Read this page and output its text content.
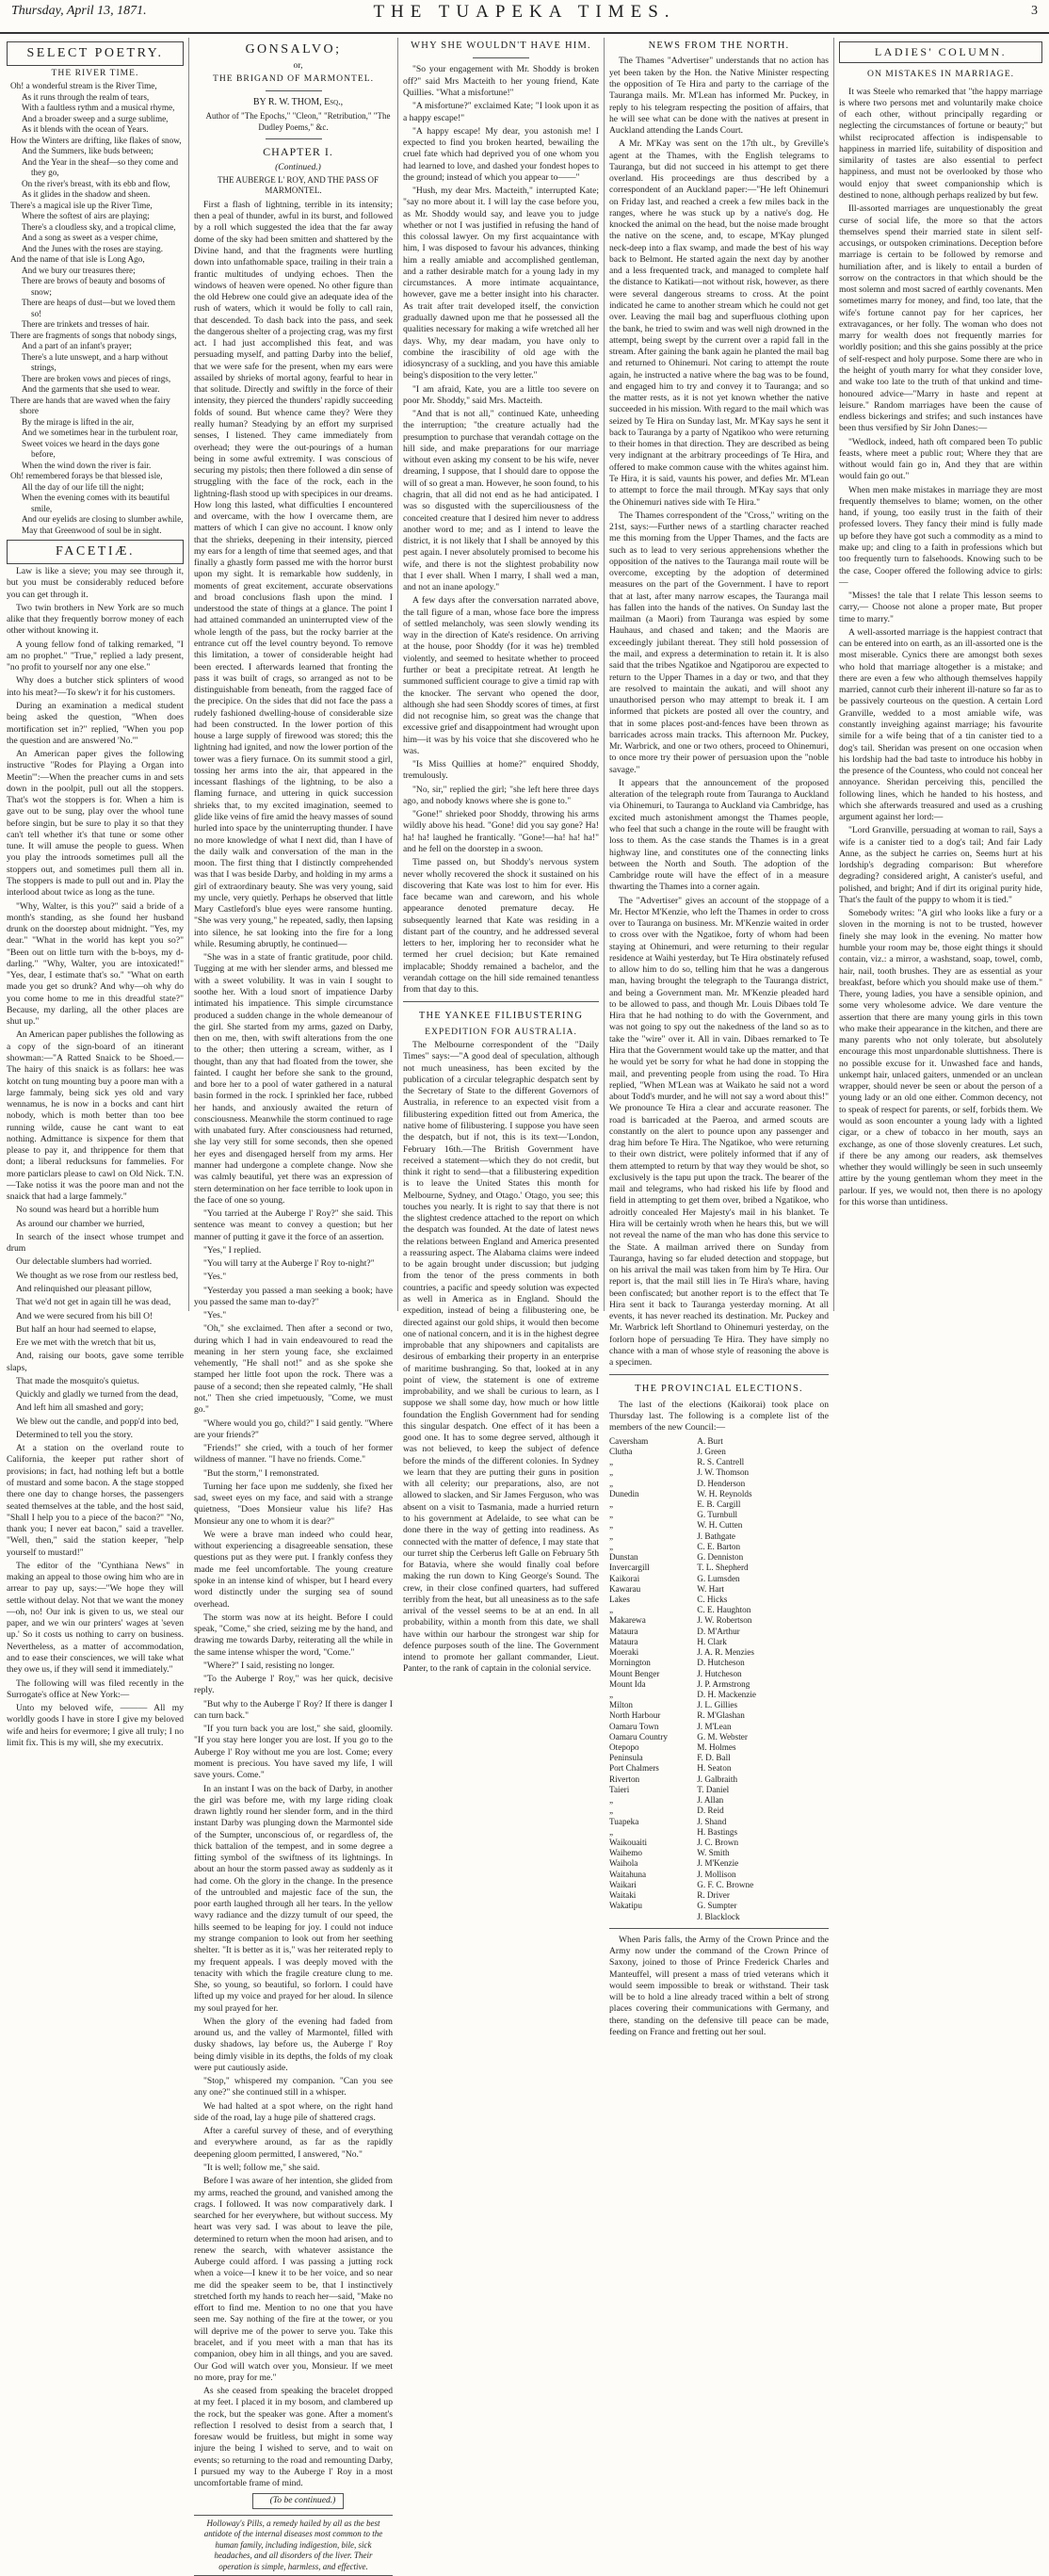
Thursday, April 13, 1871.	THE TUAPEKA TIMES.	3
SELECT POETRY.
THE RIVER TIME.
Oh! a wonderful stream is the River Time,
As it runs through the realm of tears,
With a faultless rythm and a musical rhyme,
And a broader sweep and a surge sublime,
As it blends with the ocean of Years.
How the Winters are drifting, like flakes of snow,
And the Summers, like buds between;
And the Year in the sheaf—so they come and they go,
On the river's breast, with its ebb and flow,
As it glides in the shadow and sheen.
There's a magical isle up the River Time,
Where the softest of airs are playing;
There's a cloudless sky, and a tropical clime,
And a song as sweet as a vesper chime,
And the Junes with the roses are staying.
And the name of that isle is Long Ago,
And we bury our treasures there;
There are brows of beauty and bosoms of snow;
There are heaps of dust—but we loved them so!
There are trinkets and tresses of hair.
There are fragments of songs that nobody sings,
And a part of an infant's prayer;
There's a lute unswept, and a harp without strings,
There are broken vows and pieces of rings,
And the garments that she used to wear.
There are hands that are waved when the fairy shore
By the mirage is lifted in the air,
And we sometimes hear in the turbulent roar,
Sweet voices we heard in the days gone before,
When the wind down the river is fair.
Oh! remembered forays be that blessed isle,
All the day of our life till the night;
When the evening comes with its beautiful smile,
And our eyelids are closing to slumber awhile,
May that Greenwood of soul be in sight.
FACETIÆ.

Law is like a sieve; you may see through it, but you must be considerably reduced before you can get through it.

Two twin brothers in New York are so much alike that they frequently borrow money of each other without knowing it.

A young fellow fond of talking remarked, "I am no prophet." "True," replied a lady present, "no profit to yourself nor any one else."

Why does a butcher stick splinters of wood into his meat?—To skew'r it for his customers.

During an examination a medical student being asked the question, "When does mortification set in?" replied, "When you pop the question and are answered 'No.'"

An American paper gives the following instructive "Rodes for Playing a Organ into Meetin'":—When the preacher cums in and sets down in the poolpit, pull out all the stoppers. That's wot the stoppers is for. When a him is gave out to be sung, play over the whool tune before singin, but be sure to play it so that they can't tell whether it's that tune or some other tune. It will amuse the people to guess. When you play the introods sometimes pull all the stoppers out, and sometimes pull them all in. The stoppers is made to pull out and in. Play the interlood about twice as long as the tune.

"Why, Walter, is this you?" said a bride of a month's standing, as she found her husband drunk on the doorstep about midnight. "Yes, my dear." "What in the world has kept you so?" "Been out on little turn with the b-boys, my d-darling." "Why, Walter, you are intoxicated!" "Yes, dear, I estimate that's so." "What on earth made you get so drunk? And why—oh why do you come home to me in this dreadful state?" Because, my darling, all the other places are shut up."

An American paper publishes the following as a copy of the sign-board of an itinerant showman:—"A Ratted Snaick to be Shoed.—The hairy of this snaick is as follars: hee was kotcht on tung mounting buy a poore man with a large fammaly, being sick yes old and vary wennamus, he is now in a bocks and cant hirt nobody, which is moth better than too bee running wilde, cause he cant want to eat nothing. Admittance is sixpence for them that please to pay it, and thrippence for them that dont; a liberal reducksuns for fammelies. For more particlars please to cawl on Old Nick. T.N.—Take notiss it was the poore man and not the snaick that had a large fammely."

No sound was heard but a horrible hum

As around our chamber we hurried,

In search of the insect whose trumpet and drum

Our delectable slumbers had worried.

We thought as we rose from our restless bed,

And relinquished our pleasant pillow,

That we'd not get in again till he was dead,

And we were secured from his bill O!

But half an hour had seemed to elapse,

Ere we met with the wretch that bit us,

And, raising our boots, gave some terrible slaps,

That made the mosquito's quietus.

Quickly and gladly we turned from the dead,

And left him all smashed and gory;

We blew out the candle, and popp'd into bed,

Determined to tell you the story.

At a station on the overland route to California, the keeper put rather short of provisions; in fact, had nothing left but a bottle of mustard and some bacon. A the stage stopped there one day to change horses, the passengers seated themselves at the table, and the host said, "Shall I help you to a piece of the bacon?" "No, thank you; I never eat bacon," said a traveller. "Well, then," said the station keeper, "help yourself to mustard!"

The editor of the "Cynthiana News" in making an appeal to those owing him who are in arrear to pay up, says:—"We hope they will settle without delay. Not that we want the money—oh, no! Our ink is given to us, we steal our paper, and we win our printers' wages at 'seven up.' So it costs us nothing to carry on business. Nevertheless, as a matter of accommodation, and to ease their consciences, we will take what they owe us, if they will send it immediately."

The following will was filed recently in the Surrogate's office at New York:—

Unto my beloved wife, ——— All my worldly goods I have in store I give my beloved wife and heirs for evermore; I give all truly; I no limit fix. This is my will, she my executrix.

GONSALVO;

or,

THE BRIGAND OF MARMONTEL.

BY R. W. THOM, Esq.,

Author of "The Epochs," "Cleon," "Retribution," "The Dudley Poems," &c.

CHAPTER I.

(Continued.)

THE AUBERGE L' ROY, AND THE PASS OF MARMONTEL.

First a flash of lightning, terrible in its intensity; then a peal of thunder, awful in its burst, and followed by a roll which suggested the idea that the far away dome of the sky had been smitten and shattered by the Divine hand, and that the fragments were hurtling down into unfathomable space, trailing in their train a frantic multitudes of undying echoes. Then the windows of heaven were opened. No other figure than the old Hebrew one could give an adequate idea of the rush of waters, which it would be folly to call rain, that descended. To dash back into the pass, and seek the dangerous shelter of a projecting crag, was my first act. I had just accomplished this feat, and was persuading myself, and patting Darby into the belief, that we were safe for the present, when my ears were assailed by shrieks of mortal agony, fearful to hear in that solitude. Directly and swiftly in the force of their intensity, they pierced the thunders' rapidly succeeding folds of sound. But whence came they? Were they really human? Steadying by an effort my surprised senses, I listened. They came immediately from overhead; they were the out-pourings of a human being in some awful extremity. I was conscious of securing my pistols; then there followed a din sense of struggling with the face of the rock, each in the lightning-flash stood up with specipices in our dreams. How long this lasted, what difficulties I encountered and overcame, with the how I overcame them, are matters of which I can give no account. I know only that the shrieks, deepening in their intensity, pierced my ears for a length of time that seemed ages, and that finally a ghastly form passed me with the horror burst upon my sight. It is remarkable how suddenly, in moments of great excitement, accurate observations and broad conclusions flash upon the mind. I understood the state of things at a glance. The point I had attained commanded an uninterrupted view of the whole length of the pass, but the rocky barrier at the entrance cut off the level country beyond. To remove this limitation, a tower of considerable height had been erected. I afterwards learned that fronting the pass it was built of crags, so arranged as not to be distinguishable from beneath, from the ragged face of the precipice. On the sides that did not face the pass a rudely fashioned dwelling-house of considerable size had been constructed. In the lower portion of this house a large supply of firewood was stored; this the lightning had ignited, and now the lower portion of the tower was a fiery furnace. On its summit stood a girl, tossing her arms into the air, that appeared in the incessant flashings of the lightning, to be also a flaming furnace, and uttering in quick succession shrieks that, to my excited imagination, seemed to glide like veins of fire amid the heavy masses of sound hurled into space by the uninterrupting thunder. I have no more knowledge of what I next did, than I have of the daily walk and conversation of the man in the moon. The first thing that I distinctly comprehended was that I was beside Darby, and holding in my arms a girl of extraordinary beauty. She was very young, said my uncle, very quietly. Perhaps he observed that little Mary Castleford's blue eyes were ransome hunting. "She was very young," he repeated, sadly, then lapsing into silence, he sat looking into the fire for a long while. Resuming abruptly, he continued—

"She was in a state of frantic gratitude, poor child. Tugging at me with her slender arms, and blessed me with a sweet volubility. It was in vain I sought to soothe her. With a loud snort of impatience Darby intimated his impatience. This simple circumstance produced a sudden change in the whole demeanour of the girl. She started from my arms, gazed on Darby, then on me, then, with swift alterations from the one to the other; then uttering a scream, wither, as I thought, than any that had floated from the tower, she fainted. I caught her before she sank to the ground, and bore her to a pool of water gathered in a natural basin formed in the rock. I sprinkled her face, rubbed her hands, and anxiously awaited the return of consciousness. Meanwhile the storm continued to rage with unabated fury. After consciousness had returned, she lay very still for some seconds, then she opened her eyes and disengaged herself from my arms. Her manner had undergone a complete change. Now she was calmly beautiful, yet there was an expression of stern determination on her face terrible to look upon in the face of one so young.

"You tarried at the Auberge l' Roy?" she said. This sentence was meant to convey a question; but her manner of putting it gave it the force of an assertion.

"Yes," I replied.

"You will tarry at the Auberge l' Roy to-night?"

"Yes."

"Yesterday you passed a man seeking a book; have you passed the same man to-day?"

"Yes."

"Oh," she exclaimed. Then after a second or two, during which I had in vain endeavoured to read the meaning in her stern young face, she exclaimed vehemently, "He shall not!" and as she spoke she stamped her little foot upon the rock. There was a pause of a second; then she repeated calmly, "He shall not." Then she cried impetuously, "Come, we must go."

"Where would you go, child?" I said gently. "Where are your friends?"

"Friends!" she cried, with a touch of her former wildness of manner. "I have no friends. Come."

"But the storm," I remonstrated.

Turning her face upon me suddenly, she fixed her sad, sweet eyes on my face, and said with a strange quietness, "Does Monsieur value his life? Has Monsieur any one to whom it is dear?"

We were a brave man indeed who could hear, without experiencing a disagreeable sensation, these questions put as they were put. I frankly confess they made me feel uncomfortable. The young creature spoke in an intense kind of whisper, but I heard every word distinctly under the surging sea of sound overhead.

The storm was now at its height. Before I could speak, "Come," she cried, seizing me by the hand, and drawing me towards Darby, reiterating all the while in the same intense whisper the word, "Come."

"Where?" I said, resisting no longer.

"To the Auberge l' Roy," was her quick, decisive reply.

"But why to the Auberge l' Roy? If there is danger I can turn back."

"If you turn back you are lost," she said, gloomily. "If you stay here longer you are lost. If you go to the Auberge l' Roy without me you are lost. Come; every moment is precious. You have saved my life, I will save yours. Come."

In an instant I was on the back of Darby, in another the girl was before me, with my large riding cloak drawn lightly round her slender form, and in the third instant Darby was plunging down the Marmontel side of the Sumpter, unconscious of, or regardless of, the thick battalion of the tempest, and in some degree a fitting symbol of the swiftness of its lightnings. In about an hour the storm passed away as suddenly as it had come. Oh the glory in the change. In the presence of the untroubled and majestic face of the sun, the poor earth laughed through all her tears. In the yellow wavy radiance and the dizzy tumult of our speed, the hills seemed to be leaping for joy. I could not induce my strange companion to look out from her seething shelter. "It is better as it is," was her reiterated reply to my frequent appeals. I was deeply moved with the tenacity with which the fragile creature clung to me. She, so young, so beautiful, so forlorn. I could have lifted up my voice and prayed for her aloud. In silence my soul prayed for her.

When the glory of the evening had faded from around us, and the valley of Marmontel, filled with dusky shadows, lay before us, the Auberge l' Roy being dimly visible in its depths, the folds of my cloak were put cautiously aside.

"Stop," whispered my companion. "Can you see any one?" she continued still in a whisper.

We had halted at a spot where, on the right hand side of the road, lay a huge pile of shattered crags.

After a careful survey of these, and of everything and everywhere around, as far as the rapidly deepening gloom permitted, I answered, "No."

"It is well; follow me," she said.

Before I was aware of her intention, she glided from my arms, reached the ground, and vanished among the crags. I followed. It was now comparatively dark. I searched for her everywhere, but without success. My heart was very sad. I was about to leave the pile, determined to return when the moon had arisen, and to renew the search, with whatever assistance the Auberge could afford. I was passing a jutting rock when a voice—I knew it to be her voice, and so near me did the speaker seem to be, that I instinctively stretched forth my hands to reach her—said, "Make no effort to find me. Mention to no one that you have seen me. Say nothing of the fire at the tower, or you will deprive me of the power to serve you. Take this bracelet, and if you meet with a man that has its companion, obey him in all things, and you are saved. Our God will watch over you, Monsieur. If we meet no more, pray for me."

As she ceased from speaking the bracelet dropped at my feet. I placed it in my bosom, and clambered up the rock, but the speaker was gone. After a moment's reflection I resolved to desist from a search that, I foresaw would be fruitless, but might in some way injure the being I wished to serve, and to wait on events; so returning to the road and remounting Darby, I pursued my way to the Auberge l' Roy in a most uncomfortable frame of mind.

(To be continued.)

Holloway's Pills, a remedy hailed by all as the best antidote of the internal diseases most common to the human family, including indigestion, bile, sick headaches, and all disorders of the liver. Their operation is simple, harmless, and effective.
WHY SHE WOULDN'T HAVE HIM.

"So your engagement with Mr. Shoddy is broken off?" said Mrs Macteith to her young friend, Kate Quillies. "What a misfortune!"

"A misfortune?" exclaimed Kate; "I look upon it as a happy escape!"

"A happy escape! My dear, you astonish me! I expected to find you broken hearted, bewailing the cruel fate which had deprived you of one whom you had learned to love, and dashed your fondest hopes to the ground; instead of which you appear to——"

"Hush, my dear Mrs. Macteith," interrupted Kate; "say no more about it. I will lay the case before you, as Mr. Shoddy would say, and leave you to judge whether or not I was justified in refusing the hand of this colossal lawyer. On my first acquaintance with him, I was disposed to favour his advances, thinking him a really amiable and accomplished gentleman, and a rather desirable match for a young lady in my circumstances. A more intimate acquaintance, however, gave me a better insight into his character. As trait after trait developed itself, the conviction gradually dawned upon me that he possessed all the qualities necessary for making a wife wretched all her days. Why, my dear madam, you have only to combine the irascibility of old age with the idiosyncrasy of a suckling, and you have this amiable being's disposition to the very letter."

"I am afraid, Kate, you are a little too severe on poor Mr. Shoddy," said Mrs. Macteith.

"And that is not all," continued Kate, unheeding the interruption; "the creature actually had the presumption to purchase that verandah cottage on the hill side, and make preparations for our marriage without even asking my consent to be his wife, never dreaming, I suppose, that I should dare to oppose the will of so great a man. However, he soon found, to his chagrin, that all did not end as he had anticipated. I was so disgusted with the superciliousness of the conceited creature that I desired him never to address another word to me; and as I intend to leave the district, it is not likely that I shall be annoyed by this pest again. I never absolutely promised to become his wife, and there is not the slightest probability now that I ever shall. When I marry, I shall wed a man, and not an inane apology."

A few days after the conversation narrated above, the tall figure of a man, whose face bore the impress of settled melancholy, was seen slowly wending its way in the direction of Kate's residence. On arriving at the house, poor Shoddy (for it was he) trembled violently, and seemed to hesitate whether to proceed further or beat a precipitate retreat. At length he summoned sufficient courage to give a timid rap with the knocker. The servant who opened the door, although she had seen Shoddy scores of times, at first did not recognise him, so great was the change that excessive grief and disappointment had wrought upon him—it was by his voice that she discovered who he was.

"Is Miss Quillies at home?" enquired Shoddy, tremulously.

"No, sir," replied the girl; "she left here three days ago, and nobody knows where she is gone to."

"Gone!" shrieked poor Shoddy, throwing his arms wildly above his head. "Gone! did you say gone? Ha! ha! ha! laughed he frantically. "Gone!—ha! ha! ha!" and he fell on the doorstep in a swoon.

Time passed on, but Shoddy's nervous system never wholly recovered the shock it sustained on his discovering that Kate was lost to him for ever. His face became wan and careworn, and his whole appearance denoted premature decay. He subsequently learned that Kate was residing in a distant part of the country, and he addressed several letters to her, imploring her to reconsider what he termed her cruel decision; but Kate remained implacable; Shoddy remained a bachelor, and the verandah cottage on the hill side remained tenantless from that day to this.

THE YANKEE FILIBUSTERING
EXPEDITION FOR AUSTRALIA.

The Melbourne correspondent of the "Daily Times" says:—"A good deal of speculation, although not much uneasiness, has been excited by the publication of a circular telegraphic despatch sent by the Secretary of State to the different Governors of Australia, in reference to an expected visit from a filibustering expedition fitted out from America, the native home of filibustering. I suppose you have seen the despatch, but if not, this is its text—'London, February 16th.—The British Government have received a statement—which they do not credit, but think it right to send—that a filibustering expedition is to leave the United States this month for Melbourne, Sydney, and Otago.' Otago, you see; this touches you nearly. It is right to say that there is not the slightest credence attached to the report on which the despatch was founded. At the date of latest news the relations between England and America presented a reassuring aspect. The Alabama claims were indeed to be again brought under discussion; but judging from the tenor of the press comments in both countries, a pacific and speedy solution was expected as well in America as in England. Should the expedition, instead of being a filibustering one, be directed against our gold ships, it would then become one of national concern, and it is in the highest degree improbable that any shipowners and capitalists are desirous of embarking their property in an enterprise of maritime bushranging. So that, looked at in any point of view, the statement is one of extreme improbability, and we shall be curious to learn, as I suppose we shall some day, how much or how little foundation the English Government had for sending this singular despatch. One effect of it has been a good one. It has to some degree served, although it was not believed, to keep the subject of defence before the minds of the different colonies. In Sydney we learn that they are putting their guns in position with all celerity; our preparations, also, are not allowed to slacken, and Sir James Ferguson, who was absent on a visit to Tasmania, made a hurried return to his government at Adelaide, to see what can be done there in the way of getting into readiness. As connected with the matter of defence, I may state that our turret ship the Cerberus left Galle on February 5th for Batavia, where she would finally coal before making the run down to King George's Sound. The crew, in their close confined quarters, had suffered terribly from the heat, but all uneasiness as to the safe arrival of the vessel seems to be at an end. In all probability, within a month from this date, we shall have within our harbour the strongest war ship for defence purposes south of the line. The Government intend to promote her gallant commander, Lieut. Panter, to the rank of captain in the colonial service.

NEWS FROM THE NORTH.

The Thames "Advertiser" understands that no action has yet been taken by the Hon. the Native Minister respecting the opposition of Te Hira and party to the carriage of the Tauranga mails. Mr. M'Lean has informed Mr. Puckey, in reply to his telegram respecting the position of affairs, that he will see what can be done with the natives at present in Auckland attending the Lands Court.

A Mr. M'Kay was sent on the 17th ult., by Greville's agent at the Thames, with the English telegrams to Tauranga, but did not succeed in his attempt to get there overland. His proceedings are thus described by a correspondent of an Auckland paper:—"He left Ohinemuri on Friday last, and reached a creek a few miles back in the ranges, where he was stuck up by a native's dog. He knocked the animal on the head, but the noise made brought the native on the scene, and, to escape, M'Kay plunged neck-deep into a flax swamp, and made the best of his way back to Belmont. He started again the next day by another and a less frequented track, and managed to complete half the distance to Katikati—not without risk, however, as there were several dangerous streams to cross. At the point indicated he came to another stream which he could not get over. Leaving the mail bag and superfluous clothing upon the bank, he tried to swim and was well nigh drowned in the attempt, being swept by the current over a rapid fall in the stream. After gaining the bank again he planted the mail bag and returned to Ohinemuri. Not caring to attempt the route again, he instructed a native where the bag was to be found, and engaged him to try and convey it to Tauranga; and so the matter rests, as it is not yet known whether the native succeeded in his mission. With regard to the mail which was seized by Te Hira on Sunday last, Mr. M'Kay says he sent it back to Tauranga by a party of Ngatikoo who were returning to their homes in that direction. They are described as being very indignant at the arbitrary proceedings of Te Hira, and offered to make common cause with the whites against him. Te Hira, it is said, vaunts his power, and defies Mr. M'Lean to attempt to force the mail through. M'Kay says that only the Ohinemuri natives side with Te Hira."

The Thames correspondent of the "Cross," writing on the 21st, says:—Further news of a startling character reached me this morning from the Upper Thames, and the facts are such as to lead to very serious apprehensions whether the opposition of the natives to the Tauranga mail route will be overcome, excepting by the adoption of determined measures on the part of the Government. I have to report that at last, after many narrow escapes, the Tauranga mail has fallen into the hands of the natives. On Sunday last the mailman (a Maori) from Tauranga was espied by some Hauhaus, and chased and taken; and the Maoris are exceedingly jubilant thereat. They still hold possession of the mail, and express a determination to retain it. It is also said that the tribes Ngatikoe and Ngatiporou are expected to return to the Upper Thames in a day or two, and that they are resolved to maintain the aukati, and will shoot any unauthorised person who may attempt to break it. I am informed that pickets are posted all over the country, and that in some places post-and-fences have been thrown as barricades across main tracks. This afternoon Mr. Puckey, Mr. Warbrick, and one or two others, proceed to Ohinemuri, to once more try their power of persuasion upon the "noble savage."

It appears that the announcement of the proposed alteration of the telegraph route from Tauranga to Auckland via Ohinemuri, to Tauranga to Auckland via Cambridge, has excited much astonishment amongst the Thames people, who feel that such a change in the route will be fraught with loss to them. As the case stands the Thames is in a great highway line, and constitutes one of the connecting links between the North and South. The adoption of the Cambridge route will have the effect of in a measure thwarting the Thames into a corner again.

The "Advertiser" gives an account of the stoppage of a Mr. Hector M'Kenzie, who left the Thames in order to cross over to Tauranga on business. Mr. M'Kenzie waited in order to cross over with the Ngatikoe, forty of whom had been staying at Ohinemuri, and were returning to their regular residence at Waihi yesterday, but Te Hira obstinately refused to allow him to do so, telling him that he was a dangerous man, having brought the telegraph to the Tauranga district, and being a Government man. Mr. M'Kenzie pleaded hard to be allowed to pass, and though Mr. Louis Dibaes told Te Hira that he had nothing to do with the Government, and was not going to spy out the nakedness of the land so as to take the "wire" over it. All in vain. Dibaes remarked to Te Hira that the Government would take up the matter, and that he would yet be sorry for what he had done in stopping the mail, and preventing people from using the road. To Hira replied, "When M'Lean was at Waikato he said not a word about Todd's murder, and he will not say a word about this!" We pronounce Te Hira a clear and accurate reasoner. The road is barricaded at the Paeroa, and armed scouts are constantly on the alert to pounce upon any passenger and drag him before Te Hira. The Ngatikoe, who were returning to their own district, were politely informed that if any of them attempted to return by that way they would be shot, so exclusively is the tapu put upon the track. The bearer of the mail and telegrams, who had risked his life by flood and field in attempting to get them over, bribed a Ngatikoe, who adroitly concealed Her Majesty's mail in his blanket. Te Hira will be certainly wroth when he hears this, but we will not reveal the name of the man who has done this service to the State. A mailman arrived there on Sunday from Tauranga, having so far eluded detection and stoppage, but on his arrival the mail was taken from him by Te Hira. Our report is, that the mail still lies in Te Hira's whare, having been confiscated; but another report is to the effect that Te Hira sent it back to Tauranga yesterday morning. At all events, it has never reached its destination. Mr. Puckey and Mr. Warbrick left Shortland to Ohinemuri yesterday, on the forlorn hope of persuading Te Hira. They have simply no chance with a man of whose style of reasoning the above is a specimen.

THE PROVINCIAL ELECTIONS.

The last of the elections (Kaikorai) took place on Thursday last. The following is a complete list of the members of the new Council:—

Caversham	A. Burt
Clutha	J. Green
„	R. S. Cantrell
„	J. W. Thomson
„	D. Henderson
Dunedin	W. H. Reynolds
„	E. B. Cargill
„	G. Turnbull
„	W. H. Cutten
„	J. Bathgate
„	C. E. Barton
Dunstan	G. Denniston
Invercargill	T. L. Shepherd
Kaikorai	G. Lumsden
Kawarau	W. Hart
Lakes	C. Hicks
„	C. E. Haughton
Makarewa	J. W. Robertson
Mataura	D. M'Arthur
Mataura	H. Clark
Moeraki	J. A. R. Menzies
Mornington	D. Hutcheson
Mount Benger	J. Hutcheson
Mount Ida	J. P. Armstrong
„	D. H. Mackenzie
Milton	J. L. Gillies
North Harbour	R. M'Glashan
Oamaru Town	J. M'Lean
Oamaru Country	G. M. Webster
Otepopo	M. Holmes
Peninsula	F. D. Ball
Port Chalmers	H. Seaton
Riverton	J. Galbraith
Taieri	T. Daniel
„	J. Allan
„	D. Reid
Tuapeka	J. Shand
„	H. Bastings
Waikouaiti	J. C. Brown
Waihemo	W. Smith
Waihola	J. M'Kenzie
Waitahuna	J. Mollison
Waikari	G. F. C. Browne
Waitaki	R. Driver
Wakatipu	G. Sumpter
	J. Blacklock

When Paris falls, the Army of the Crown Prince and the Army now under the command of the Crown Prince of Saxony, joined to those of Prince Frederick Charles and Manteuffel, will present a mass of tried veterans which it would seem impossible to break or withstand. Their task will be to hold a line already traced within a belt of strong places covering their communications with Germany, and there, standing on the defensive till peace can be made, feeding on France and fretting out her soul.

LADIES' COLUMN.
ON MISTAKES IN MARRIAGE.

It was Steele who remarked that "the happy marriage is where two persons met and voluntarily make choice of each other, without principally regarding or neglecting the circumstances of fortune or beauty;" but whilst reciprocated affection is indispensable to happiness in married life, suitability of disposition and similarity of tastes are also essential to perfect happiness, and must not be overlooked by those who would enjoy that sweet companionship which is destined to none, although perhaps realized by but few.

Ill-assorted marriages are unquestionably the great curse of social life, the more so that the actors themselves spend their married state in silent self-accusings, or outspoken criminations. Deception before marriage is certain to be followed by remorse and humiliation after, and is likely to entail a burden of sorrow on the contractors in that which should be the most solemn and most sacred of earthly covenants. Men sometimes marry for money, and find, too late, that the wife's fortune cannot pay for her caprices, her extravagances, or her folly. The woman who does not marry for wealth does not frequently marries for worldly position; and this she gains possibly at the price of self-respect and holy purpose. Some there are who in the height of youth marry for what they consider love, and wake too late to the truth of that unkind and time-honoured advice—"Marry in haste and repent at leisure." Random marriages have been the cause of endless bickerings and strifes; and such instances have been thus versified by Sir John Danes:—

"Wedlock, indeed, hath oft compared been To public feasts, where meet a public rout; Where they that are without would fain go in, And they that are within would fain go out."

When men make mistakes in marriage they are most frequently themselves to blame; women, on the other hand, if young, too easily trust in the faith of their professed lovers. They fancy their mind is fully made up before they have got such a commodity as a mind to make up; and cling to a faith in professions which but too frequently turn to falsehoods. Knowing such to be the case, Cooper offered the following advice to girls:—

"Misses! the tale that I relate This lesson seems to carry,— Choose not alone a proper mate, But proper time to marry."

A well-assorted marriage is the happiest contract that can be entered into on earth, as an ill-assorted one is the most miserable. Cynics there are amongst both sexes who hold that marriage altogether is a mistake; and there are even a few who although themselves happily married, cannot curb their inherent ill-nature so far as to be passively courteous on the question. A certain Lord Granville, wedded to a most amiable wife, was constantly inveighing against marriage; his favourite simile for a wife being that of a tin canister tied to a dog's tail. Sheridan was present on one occasion when his lordship had the bad taste to introduce his hobby in the presence of the Countess, who could not conceal her annoyance. Sheridan perceiving this, pencilled the following lines, which he handed to his hostess, and which she afterwards treasured and used as a crushing argument against her lord:—

"Lord Granville, persuading at woman to rail, Says a wife is a canister tied to a dog's tail; And fair Lady Anne, as the subject he carries on, Seems hurt at his lordship's degrading comparison: But wherefore degrading? considered aright, A canister's useful, and polished, and bright; And if dirt its original purity hide, That's the fault of the puppy to whom it is tied."

Somebody writes: "A girl who looks like a fury or a sloven in the morning is not to be trusted, however finely she may look in the evening. No matter how humble your room may be, those eight things it should contain, viz.: a mirror, a washstand, soap, towel, comb, hair, nail, tooth brushes. They are as essential as your breakfast, before which you should make use of them." There, young ladies, you have a sensible opinion, and some very wholesome advice. We dare venture the assertion that there are many young girls in this town who make their appearance in the kitchen, and there are many parents who not only tolerate, but absolutely encourage this most unpardonable sluttishness. There is no possible excuse for it. Unwashed face and hands, unkempt hair, unlaced gaiters, unmended or an unclean wrapper, should never be seen or about the person of a young lady or an old one either. Common decency, not to speak of respect for parents, or self, forbids them. We would as soon encounter a young lady with a lighted cigar, or a chew of tobacco in her mouth, says an exchange, as one of those slovenly creatures. Let such, if there be any among our readers, ask themselves whether they would willingly be seen in such unseemly attire by the young gentleman whom they meet in the parlour. If yes, we would not, then there is no apology for this worse than untidiness.
